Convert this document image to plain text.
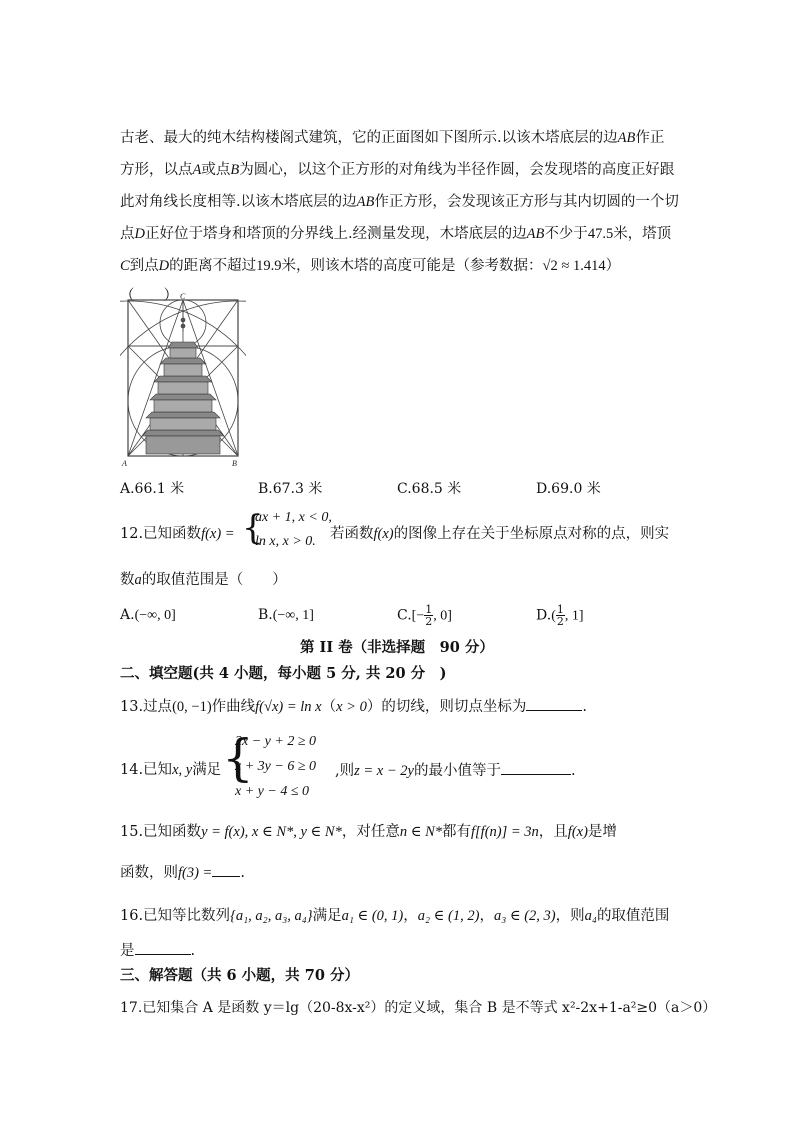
古老、最大的纯木结构楼阁式建筑，它的正面图如下图所示.以该木塔底层的边AB作正
方形，以点A或点B为圆心，以这个正方形的对角线为半径作圆，会发现塔的高度正好跟
此对角线长度相等.以该木塔底层的边AB作正方形，会发现该正方形与其内切圆的一个切
点D正好位于塔身和塔顶的分界线上.经测量发现，木塔底层的边AB不少于47.5米，塔顶
C到点D的距离不超过19.9米，则该木塔的高度可能是（参考数据：√2 ≈ 1.414）
（　　） C
A	B
A.66.1 米	B.67.3 米	C.68.5 米	D.69.0 米
12.已知函数f(x) = {
ax + 1, x < 0,
ln x, x > 0. 若函数f(x)的图像上存在关于坐标原点对称的点，则实
数a的取值范围是（　　）
A.(−∞, 0]	B.(−∞, 1]	$C.[- \frac{1}{2}$ , 0]	$D.( \frac{1}{2}$ , 1]
第 II 卷（非选择题　90 分）
二、填空题(共 4 小题，每小题 5 分, 共 20 分　)
13.过点(0, −1)作曲线f(√x) = ln x（x > 0）的切线，则切点坐标为	.
14.已知x, y满足 {
2x − y + 2 ≥ 0
x + 3y − 6 ≥ 0
x + y − 4 ≤ 0
,则z = x − 2y的最小值等于	.
15.已知函数y = f(x), x ∈ N*, y ∈ N*，对任意n ∈ N*都有f[f(n)] = 3n，且f(x)是增
函数，则f(3) = .
16.已知等比数列{a₁, a₂, a₃, a₄}满足a₁ ∈ (0, 1)，a₂ ∈ (1, 2)，a₃ ∈ (2, 3)，则a₄的取值范围
是	.
三、解答题（共 6 小题，共 70 分）
17.已知集合 A 是函数 y＝lg（20-8x-x²）的定义域，集合 B 是不等式 x²-2x+1-a²≥0（a＞0）
